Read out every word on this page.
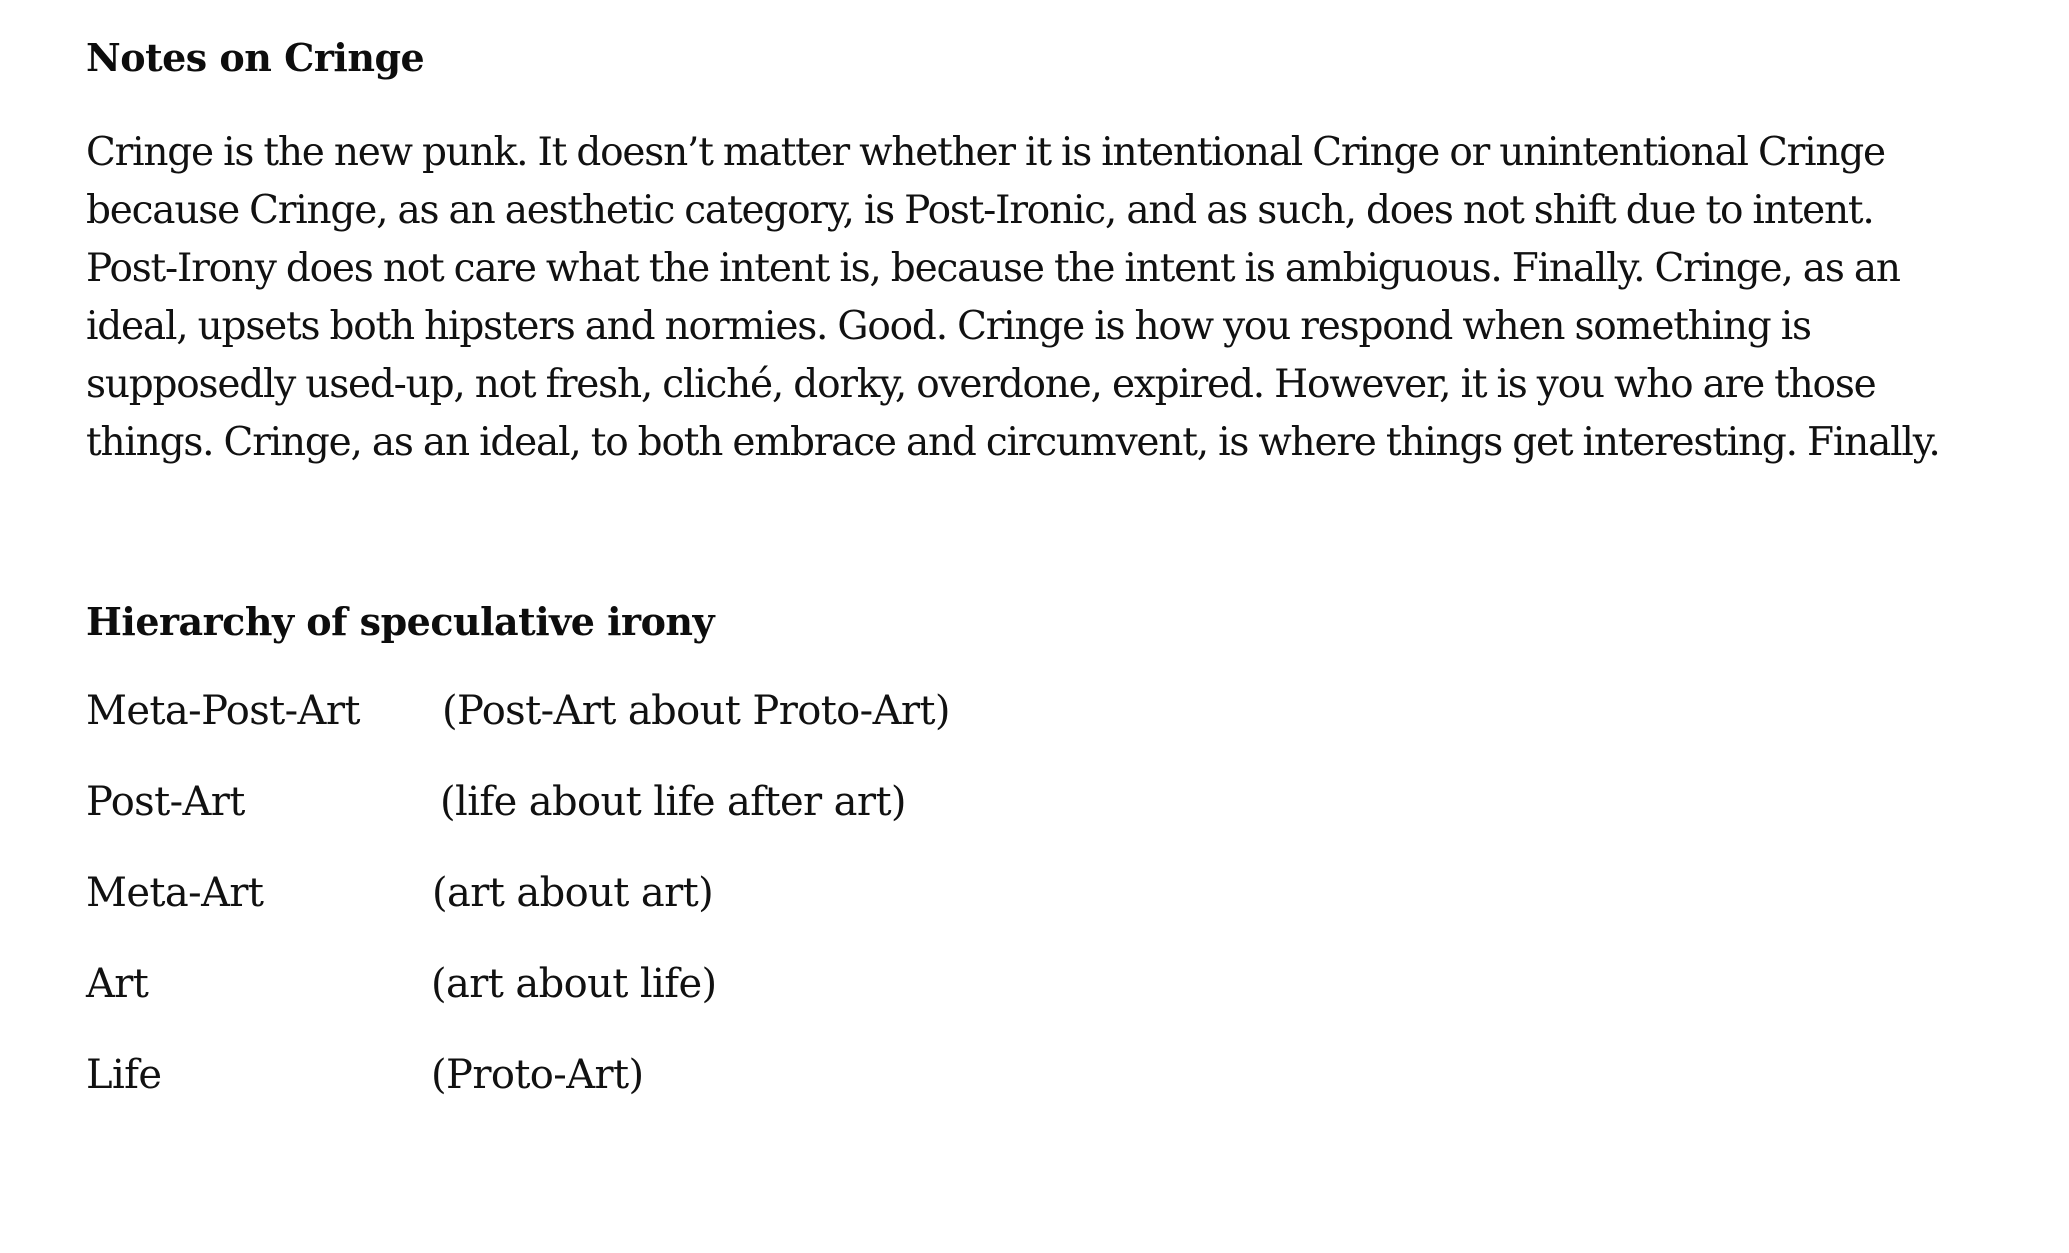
Notes on Cringe
Cringe is the new punk. It doesn’t matter whether it is intentional Cringe or unintentional Cringe
because Cringe, as an aesthetic category, is Post-Ironic, and as such, does not shift due to intent.
Post-Irony does not care what the intent is, because the intent is ambiguous. Finally. Cringe, as an
ideal, upsets both hipsters and normies. Good. Cringe is how you respond when something is
supposedly used-up, not fresh, cliché, dorky, overdone, expired. However, it is you who are those
things. Cringe, as an ideal, to both embrace and circumvent, is where things get interesting. Finally.
Hierarchy of speculative irony
Meta-Post-Art (Post-Art about Proto-Art)
Post-Art	(life about life after art)
Meta-Art	(art about art)
Art	(art about life)
Life	(Proto-Art)
